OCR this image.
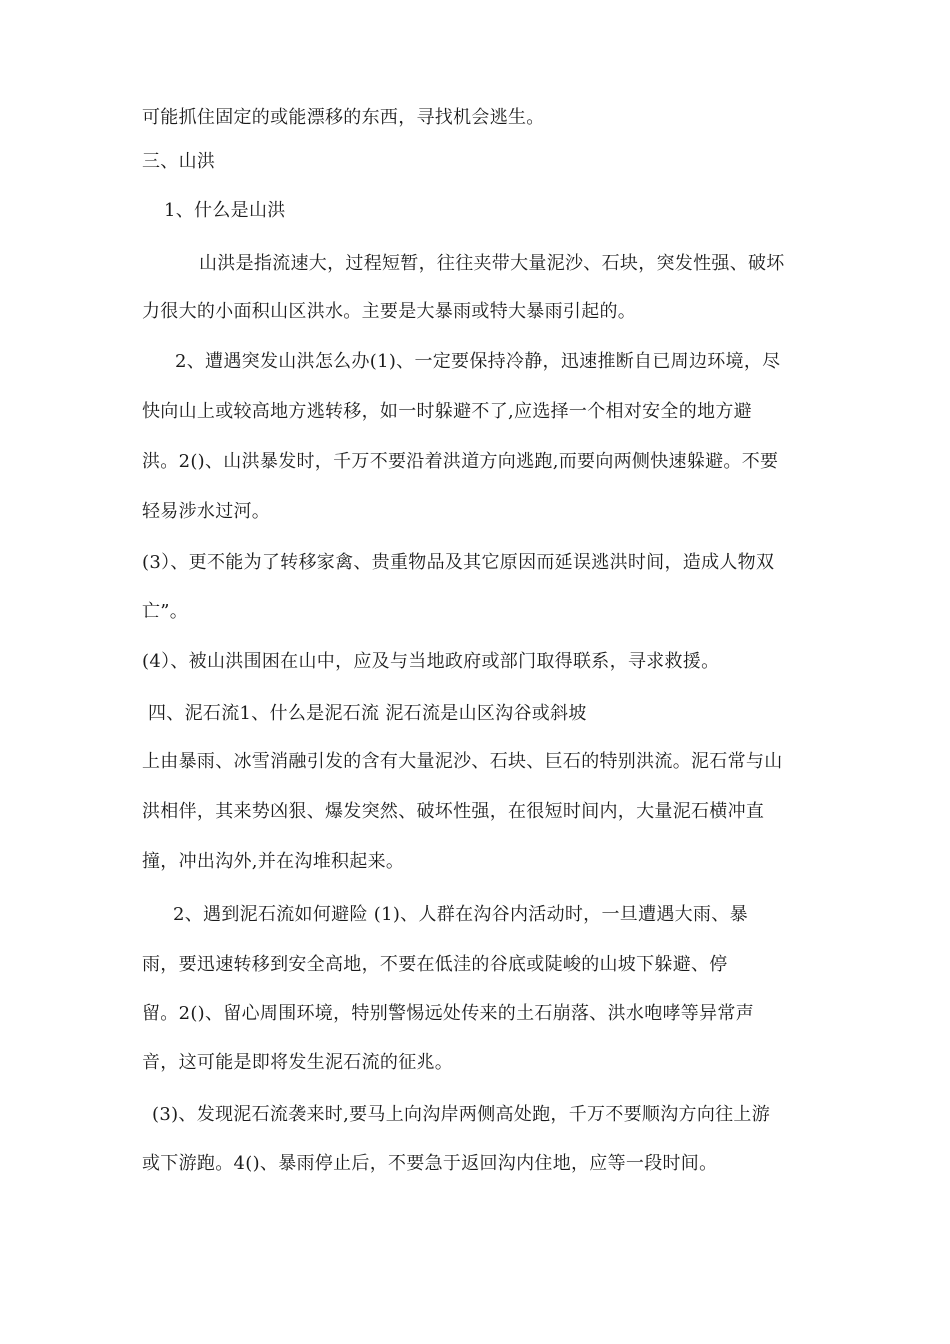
可能抓住固定的或能漂移的东西，寻找机会逃生。
三、山洪
1、什么是山洪
山洪是指流速大，过程短暂，往往夹带大量泥沙、石块，突发性强、破坏
力很大的小面积山区洪水。主要是大暴雨或特大暴雨引起的。
2、遭遇突发山洪怎么办(1)、一定要保持冷静，迅速推断自已周边环境，尽
快向山上或较高地方逃转移，如一时躲避不了,应选择一个相对安全的地方避
洪。2()、山洪暴发时，千万不要沿着洪道方向逃跑,而要向两侧快速躲避。不要
轻易涉水过河。
(3）、更不能为了转移家禽、贵重物品及其它原因而延误逃洪时间，造成人物双
亡”。
(4）、被山洪围困在山中，应及与当地政府或部门取得联系，寻求救援。
四、泥石流1、什么是泥石流 泥石流是山区沟谷或斜坡
上由暴雨、冰雪消融引发的含有大量泥沙、石块、巨石的特别洪流。泥石常与山
洪相伴，其来势凶狠、爆发突然、破坏性强，在很短时间内，大量泥石横冲直
撞，冲出沟外,并在沟堆积起来。
2、遇到泥石流如何避险 (1)、人群在沟谷内活动时，一旦遭遇大雨、暴
雨，要迅速转移到安全高地，不要在低洼的谷底或陡峻的山坡下躲避、停
留。2()、留心周围环境，特别警惕远处传来的土石崩落、洪水咆哮等异常声
音，这可能是即将发生泥石流的征兆。
(3)、发现泥石流袭来时,要马上向沟岸两侧高处跑，千万不要顺沟方向往上游
或下游跑。4()、暴雨停止后，不要急于返回沟内住地，应等一段时间。
